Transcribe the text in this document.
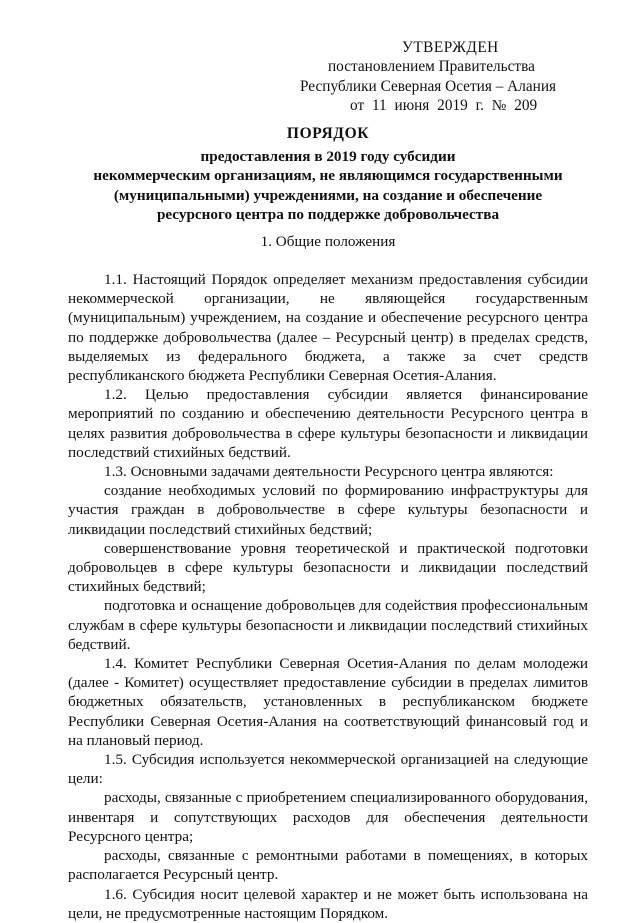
УТВЕРЖДЕН
постановлением Правительства
Республики Северная Осетия – Алания
от 11 июня 2019 г. № 209
ПОРЯДОК
предоставления в 2019 году субсидии
некоммерческим организациям, не являющимся государственными
(муниципальными) учреждениями, на создание и обеспечение
ресурсного центра по поддержке добровольчества
1. Общие положения

1.1. Настоящий Порядок определяет механизм предоставления субсидии некоммерческой организации, не являющейся государственным (муниципальным) учреждением, на создание и обеспечение ресурсного центра по поддержке добровольчества (далее – Ресурсный центр) в пределах средств, выделяемых из федерального бюджета, а также за счет средств республиканского бюджета Республики Северная Осетия-Алания.

1.2. Целью предоставления субсидии является финансирование мероприятий по созданию и обеспечению деятельности Ресурсного центра в целях развития добровольчества в сфере культуры безопасности и ликвидации последствий стихийных бедствий.

1.3. Основными задачами деятельности Ресурсного центра являются:

создание необходимых условий по формированию инфраструктуры для участия граждан в добровольчестве в сфере культуры безопасности и ликвидации последствий стихийных бедствий;

совершенствование уровня теоретической и практической подготовки добровольцев в сфере культуры безопасности и ликвидации последствий стихийных бедствий;

подготовка и оснащение добровольцев для содействия профессиональным службам в сфере культуры безопасности и ликвидации последствий стихийных бедствий.

1.4. Комитет Республики Северная Осетия-Алания по делам молодежи (далее - Комитет) осуществляет предоставление субсидии в пределах лимитов бюджетных обязательств, установленных в республиканском бюджете Республики Северная Осетия-Алания на соответствующий финансовый год и на плановый период.

1.5. Субсидия используется некоммерческой организацией на следующие цели:

расходы, связанные с приобретением специализированного оборудования, инвентаря и сопутствующих расходов для обеспечения деятельности Ресурсного центра;

расходы, связанные с ремонтными работами в помещениях, в которых располагается Ресурсный центр.

1.6. Субсидия носит целевой характер и не может быть использована на цели, не предусмотренные настоящим Порядком.
